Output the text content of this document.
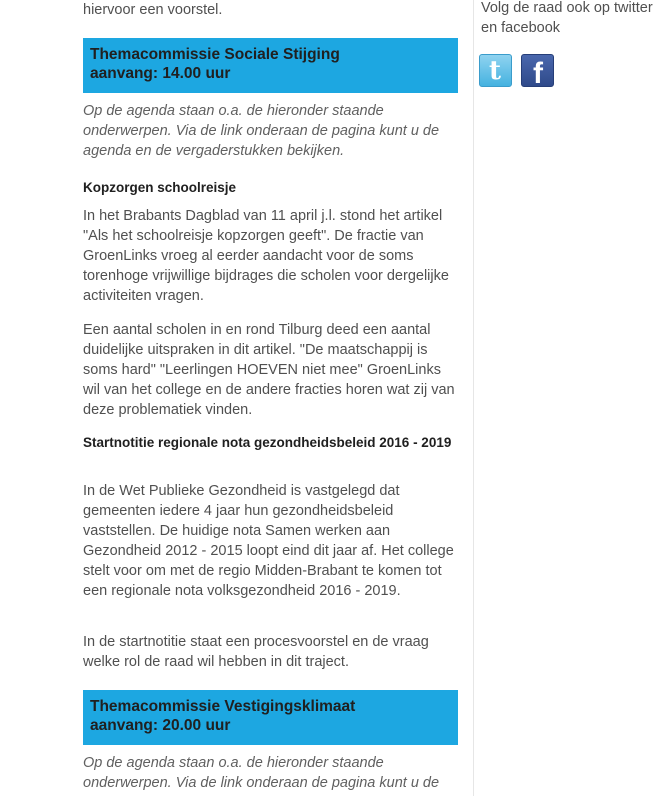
hiervoor een voorstel.

Themacommissie Sociale Stijging
aanvang: 14.00 uur

Op de agenda staan o.a. de hieronder staande onderwerpen. Via de link onderaan de pagina kunt u de agenda en de vergaderstukken bekijken.

Kopzorgen schoolreisje

In het Brabants Dagblad van 11 april j.l. stond het artikel "Als het schoolreisje kopzorgen geeft". De fractie van GroenLinks vroeg al eerder aandacht voor de soms torenhoge vrijwillige bijdrages die scholen voor dergelijke activiteiten vragen.

Een aantal scholen in en rond Tilburg deed een aantal duidelijke uitspraken in dit artikel. "De maatschappij is soms hard" "Leerlingen HOEVEN niet mee" GroenLinks wil van het college en de andere fracties horen wat zij van deze problematiek vinden.

Startnotitie regionale nota gezondheidsbeleid 2016 - 2019

In de Wet Publieke Gezondheid is vastgelegd dat gemeenten iedere 4 jaar hun gezondheidsbeleid vaststellen. De huidige nota Samen werken aan Gezondheid 2012 - 2015 loopt eind dit jaar af. Het college stelt voor om met de regio Midden-Brabant te komen tot een regionale nota volksgezondheid 2016 - 2019.

In de startnotitie staat een procesvoorstel en de vraag welke rol de raad wil hebben in dit traject.

Themacommissie Vestigingsklimaat
aanvang: 20.00 uur

Op de agenda staan o.a. de hieronder staande onderwerpen. Via de link onderaan de pagina kunt u de

Volg de raad ook op twitter en facebook

t f
